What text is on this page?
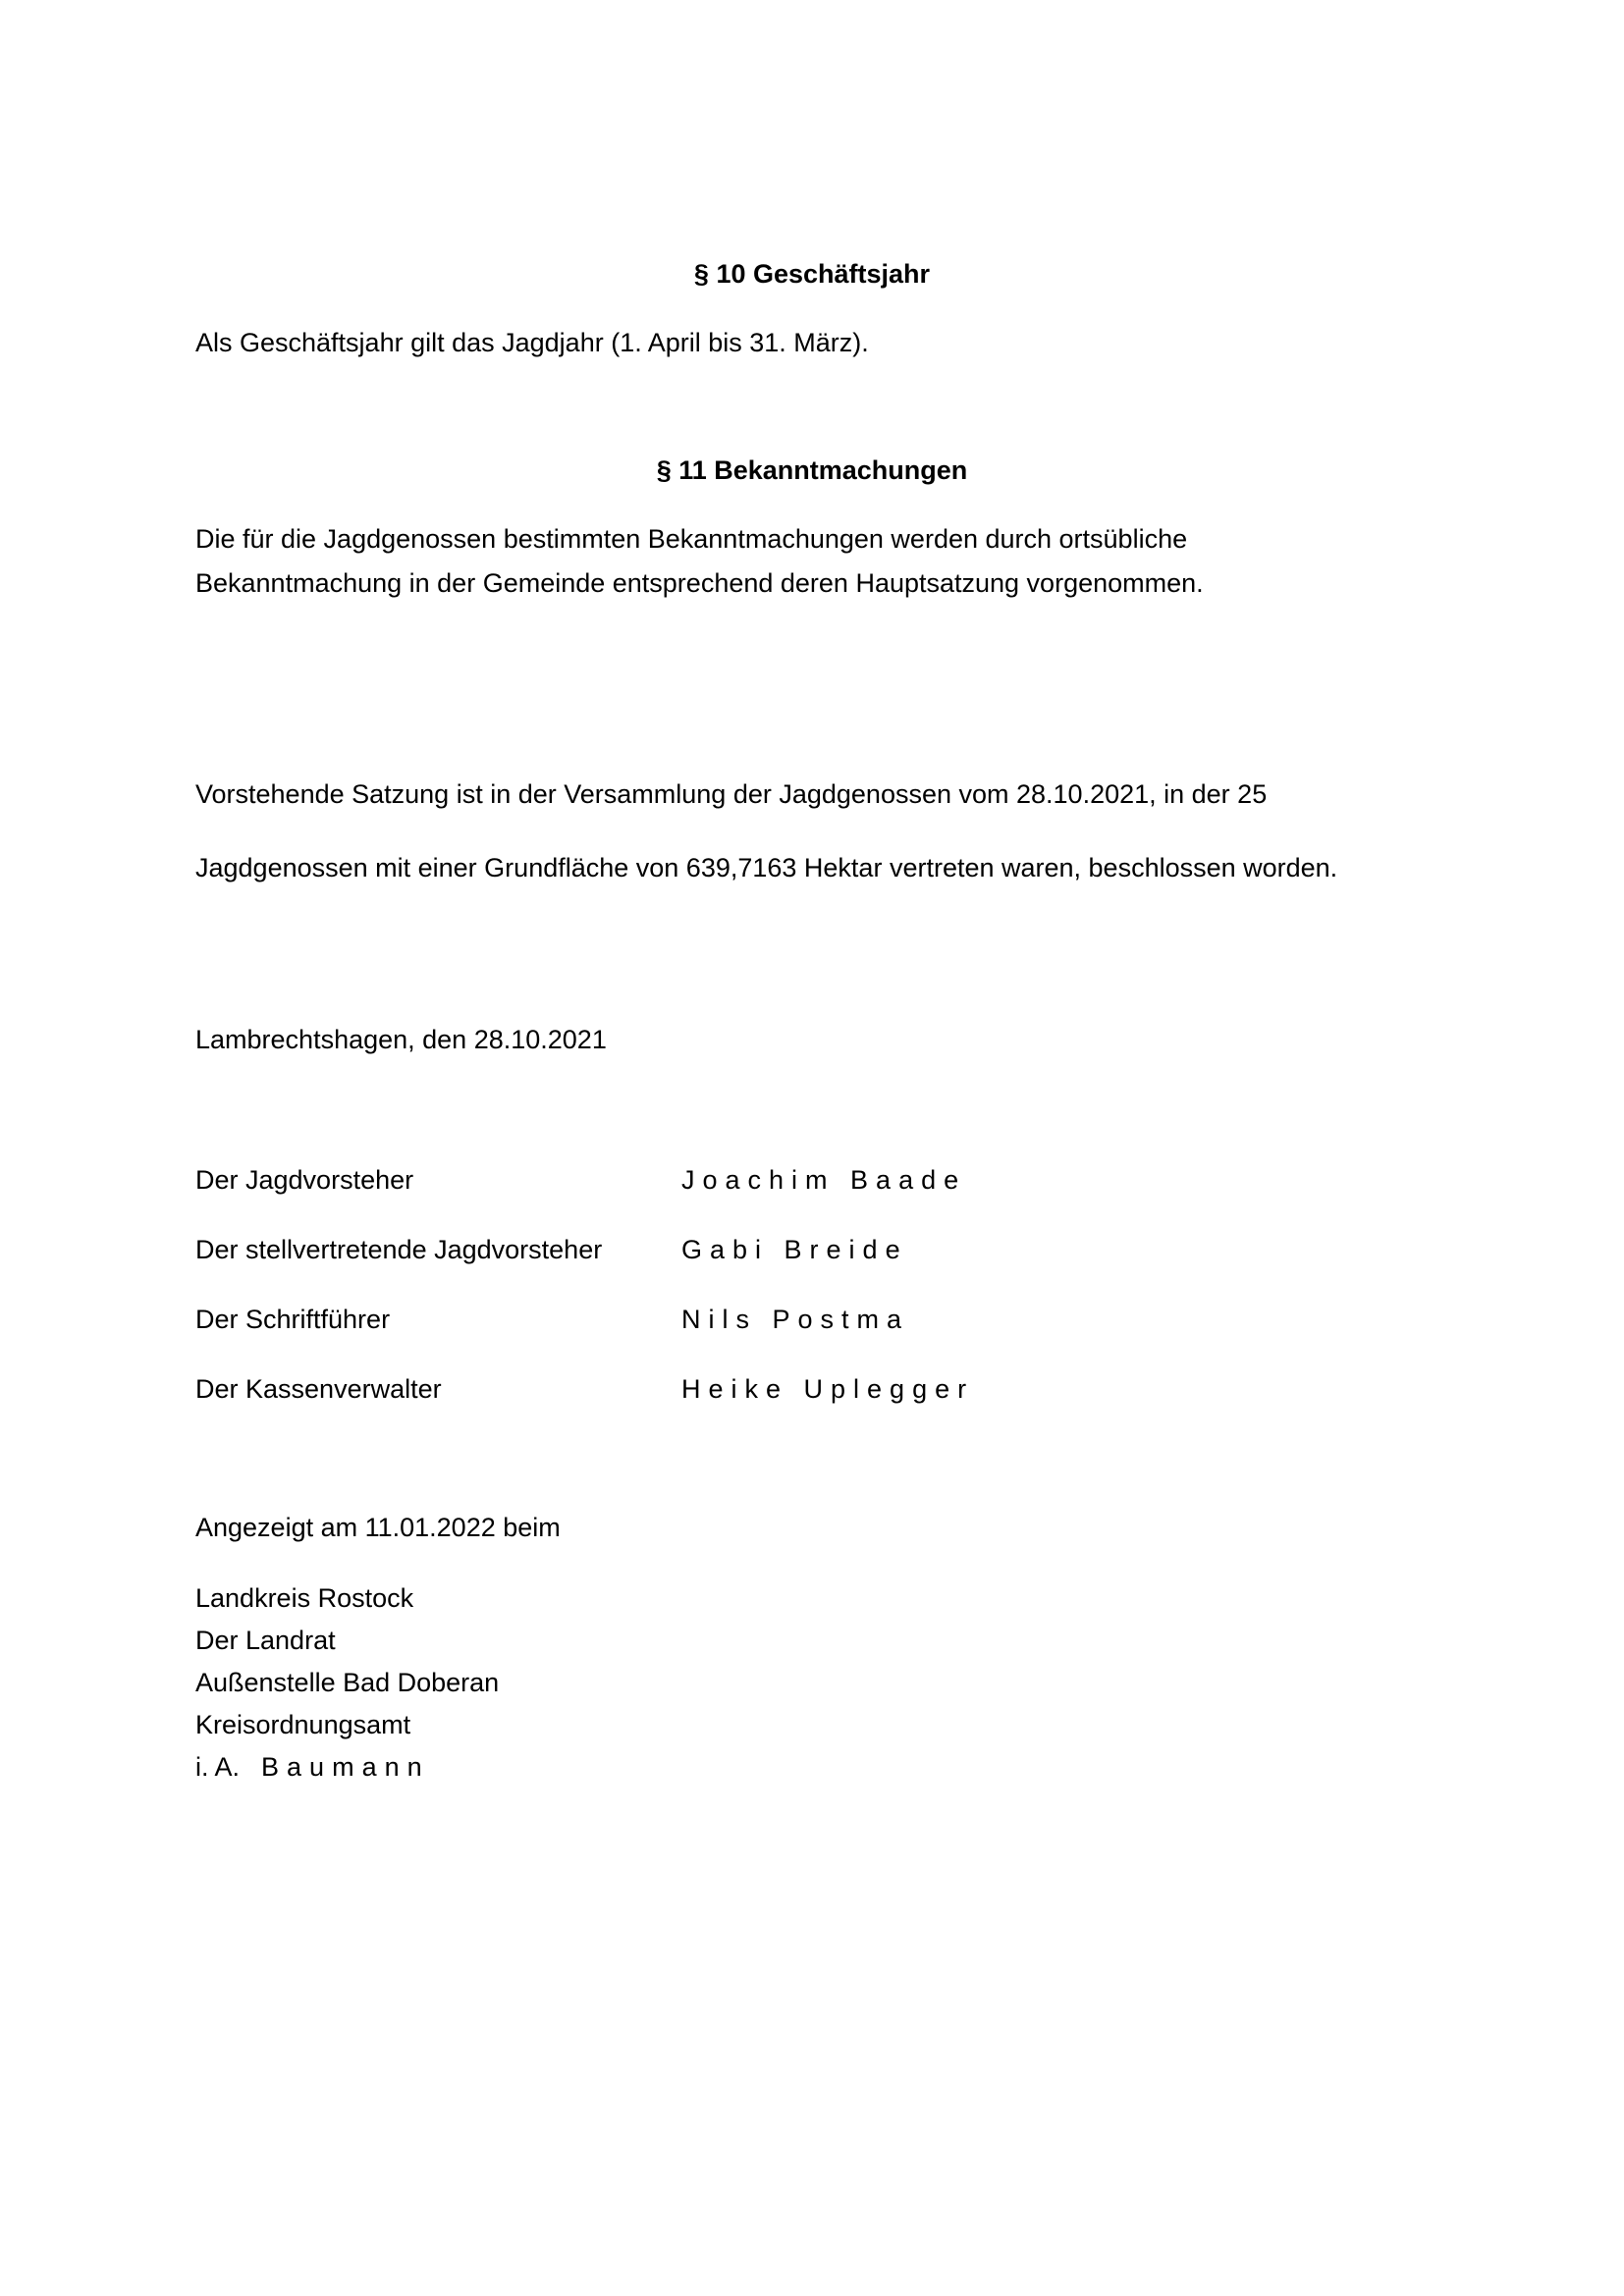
§ 10 Geschäftsjahr
Als Geschäftsjahr gilt das Jagdjahr (1. April bis 31. März).
§ 11 Bekanntmachungen
Die für die Jagdgenossen bestimmten Bekanntmachungen werden durch ortsübliche
Bekanntmachung in der Gemeinde entsprechend deren Hauptsatzung vorgenommen.
Vorstehende Satzung ist in der Versammlung der Jagdgenossen vom 28.10.2021, in der 25
Jagdgenossen mit einer Grundfläche von 639,7163 Hektar vertreten waren, beschlossen worden.
Lambrechtshagen, den 28.10.2021
Der Jagdvorsteher	Joachim Baade
Der stellvertretende Jagdvorsteher	Gabi Breide
Der Schriftführer	Nils Postma
Der Kassenverwalter	Heike Uplegger
Angezeigt am 11.01.2022 beim
Landkreis Rostock
Der Landrat
Außenstelle Bad Doberan
Kreisordnungsamt
i. A. Baumann
